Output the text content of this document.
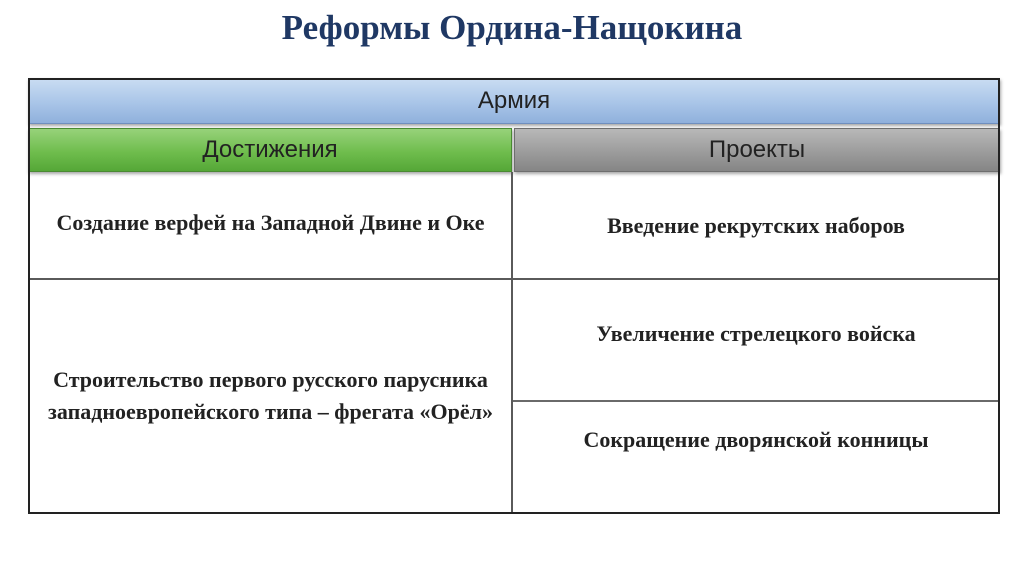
Реформы Ордина-Нащокина
Армия
Достижения	Проекты
Создание верфей на Западной Двине и Оке
Строительство первого русского парусника западноевропейского типа – фрегата «Орёл»
Введение рекрутских наборов
Увеличение стрелецкого войска
Сокращение дворянской конницы
